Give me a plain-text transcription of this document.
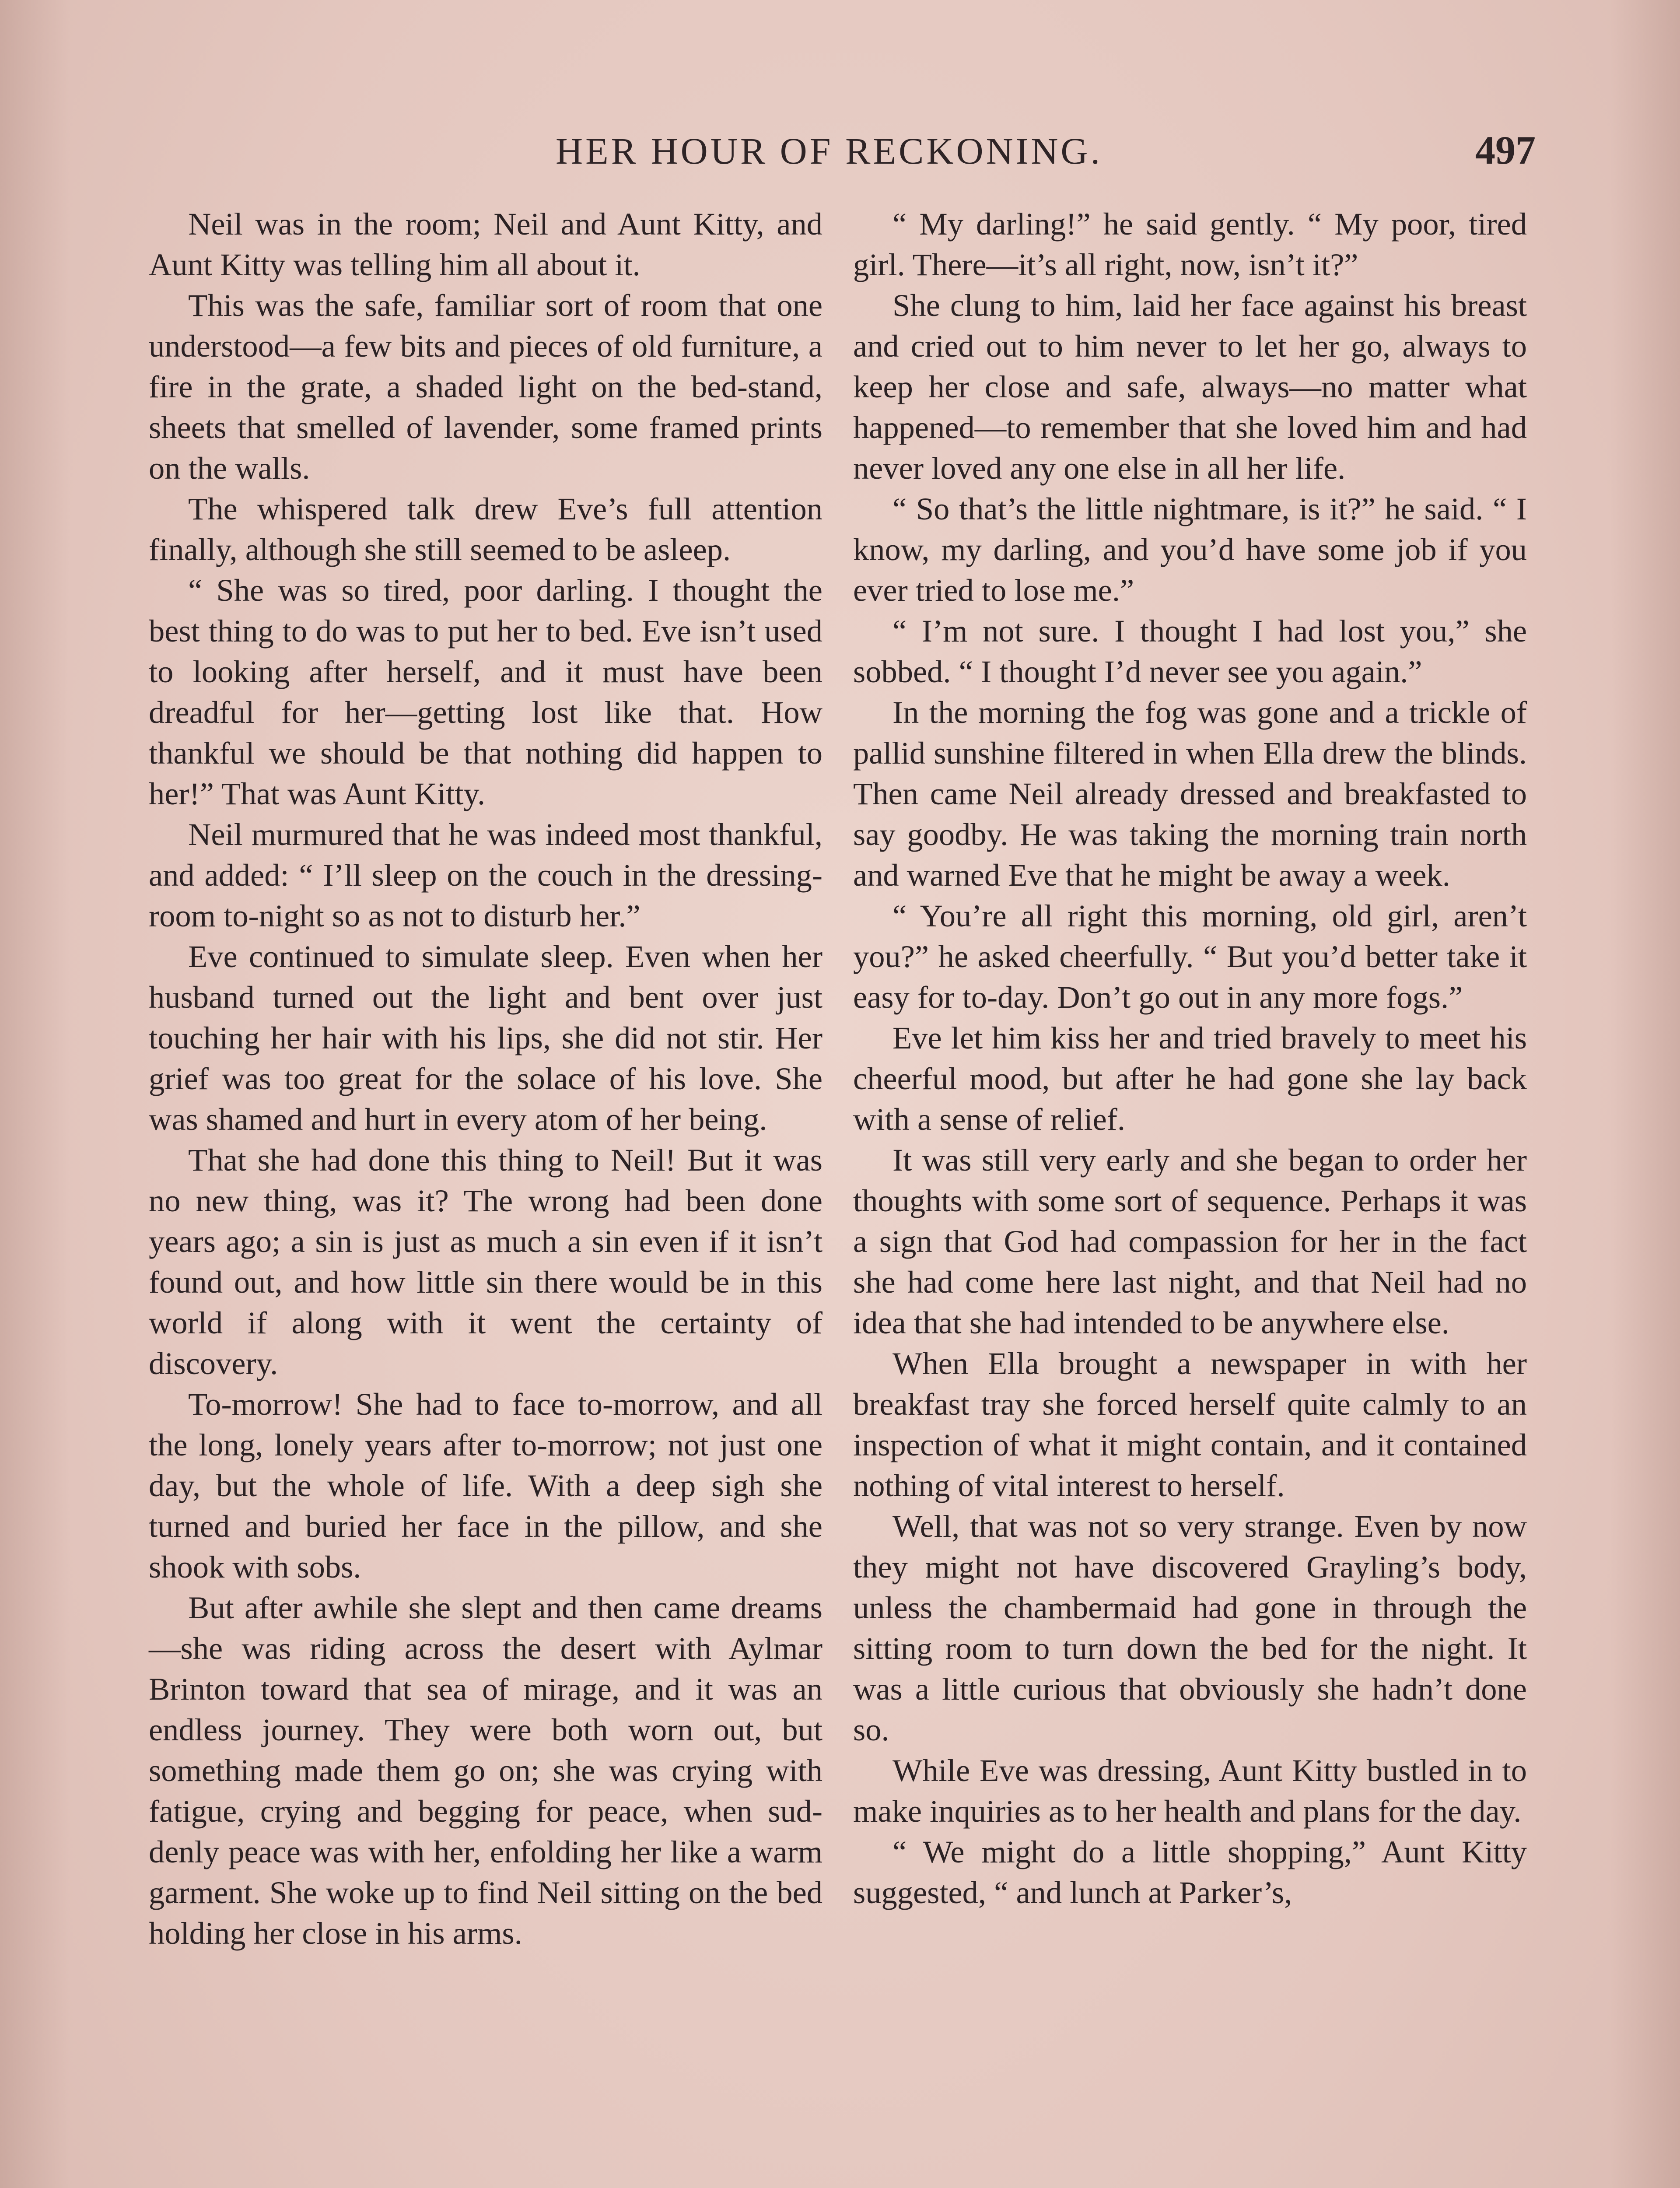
HER HOUR OF RECKONING.	497

Neil was in the room; Neil and Aunt Kitty, and Aunt Kitty was telling him all about it.

This was the safe, familiar sort of room that one understood—a few bits and pieces of old furniture, a fire in the grate, a shaded light on the bed-stand, sheets that smelled of lavender, some framed prints on the walls.

The whispered talk drew Eve’s full attention finally, although she still seemed to be asleep.

“ She was so tired, poor darling. I thought the best thing to do was to put her to bed. Eve isn’t used to looking after herself, and it must have been dreadful for her—getting lost like that. How thankful we should be that nothing did happen to her!” That was Aunt Kitty.

Neil murmured that he was indeed most thankful, and added: “ I’ll sleep on the couch in the dressing-room to-night so as not to disturb her.”

Eve continued to simulate sleep. Even when her husband turned out the light and bent over just touching her hair with his lips, she did not stir. Her grief was too great for the solace of his love. She was shamed and hurt in every atom of her being.

That she had done this thing to Neil! But it was no new thing, was it? The wrong had been done years ago; a sin is just as much a sin even if it isn’t found out, and how little sin there would be in this world if along with it went the certainty of discovery.

To-morrow! She had to face to-morrow, and all the long, lonely years after to-morrow; not just one day, but the whole of life. With a deep sigh she turned and buried her face in the pillow, and she shook with sobs.

But after awhile she slept and then came dreams—she was riding across the desert with Aylmar Brinton toward that sea of mirage, and it was an endless journey. They were both worn out, but something made them go on; she was crying with fatigue, crying and begging for peace, when suddenly peace was with her, enfolding her like a warm garment. She woke up to find Neil sitting on the bed holding her close in his arms.

“ My darling!” he said gently. “ My poor, tired girl. There—it’s all right, now, isn’t it?”

She clung to him, laid her face against his breast and cried out to him never to let her go, always to keep her close and safe, always—no matter what happened—to remember that she loved him and had never loved any one else in all her life.

“ So that’s the little nightmare, is it?” he said. “ I know, my darling, and you’d have some job if you ever tried to lose me.”

“ I’m not sure. I thought I had lost you,” she sobbed. “ I thought I’d never see you again.”

In the morning the fog was gone and a trickle of pallid sunshine filtered in when Ella drew the blinds. Then came Neil already dressed and breakfasted to say goodby. He was taking the morning train north and warned Eve that he might be away a week.

“ You’re all right this morning, old girl, aren’t you?” he asked cheerfully. “ But you’d better take it easy for to-day. Don’t go out in any more fogs.”

Eve let him kiss her and tried bravely to meet his cheerful mood, but after he had gone she lay back with a sense of relief.

It was still very early and she began to order her thoughts with some sort of sequence. Perhaps it was a sign that God had compassion for her in the fact she had come here last night, and that Neil had no idea that she had intended to be anywhere else.

When Ella brought a newspaper in with her breakfast tray she forced herself quite calmly to an inspection of what it might contain, and it contained nothing of vital interest to herself.

Well, that was not so very strange. Even by now they might not have discovered Grayling’s body, unless the chambermaid had gone in through the sitting room to turn down the bed for the night. It was a little curious that obviously she hadn’t done so.

While Eve was dressing, Aunt Kitty bustled in to make inquiries as to her health and plans for the day.

“ We might do a little shopping,” Aunt Kitty suggested, “ and lunch at Parker’s,
